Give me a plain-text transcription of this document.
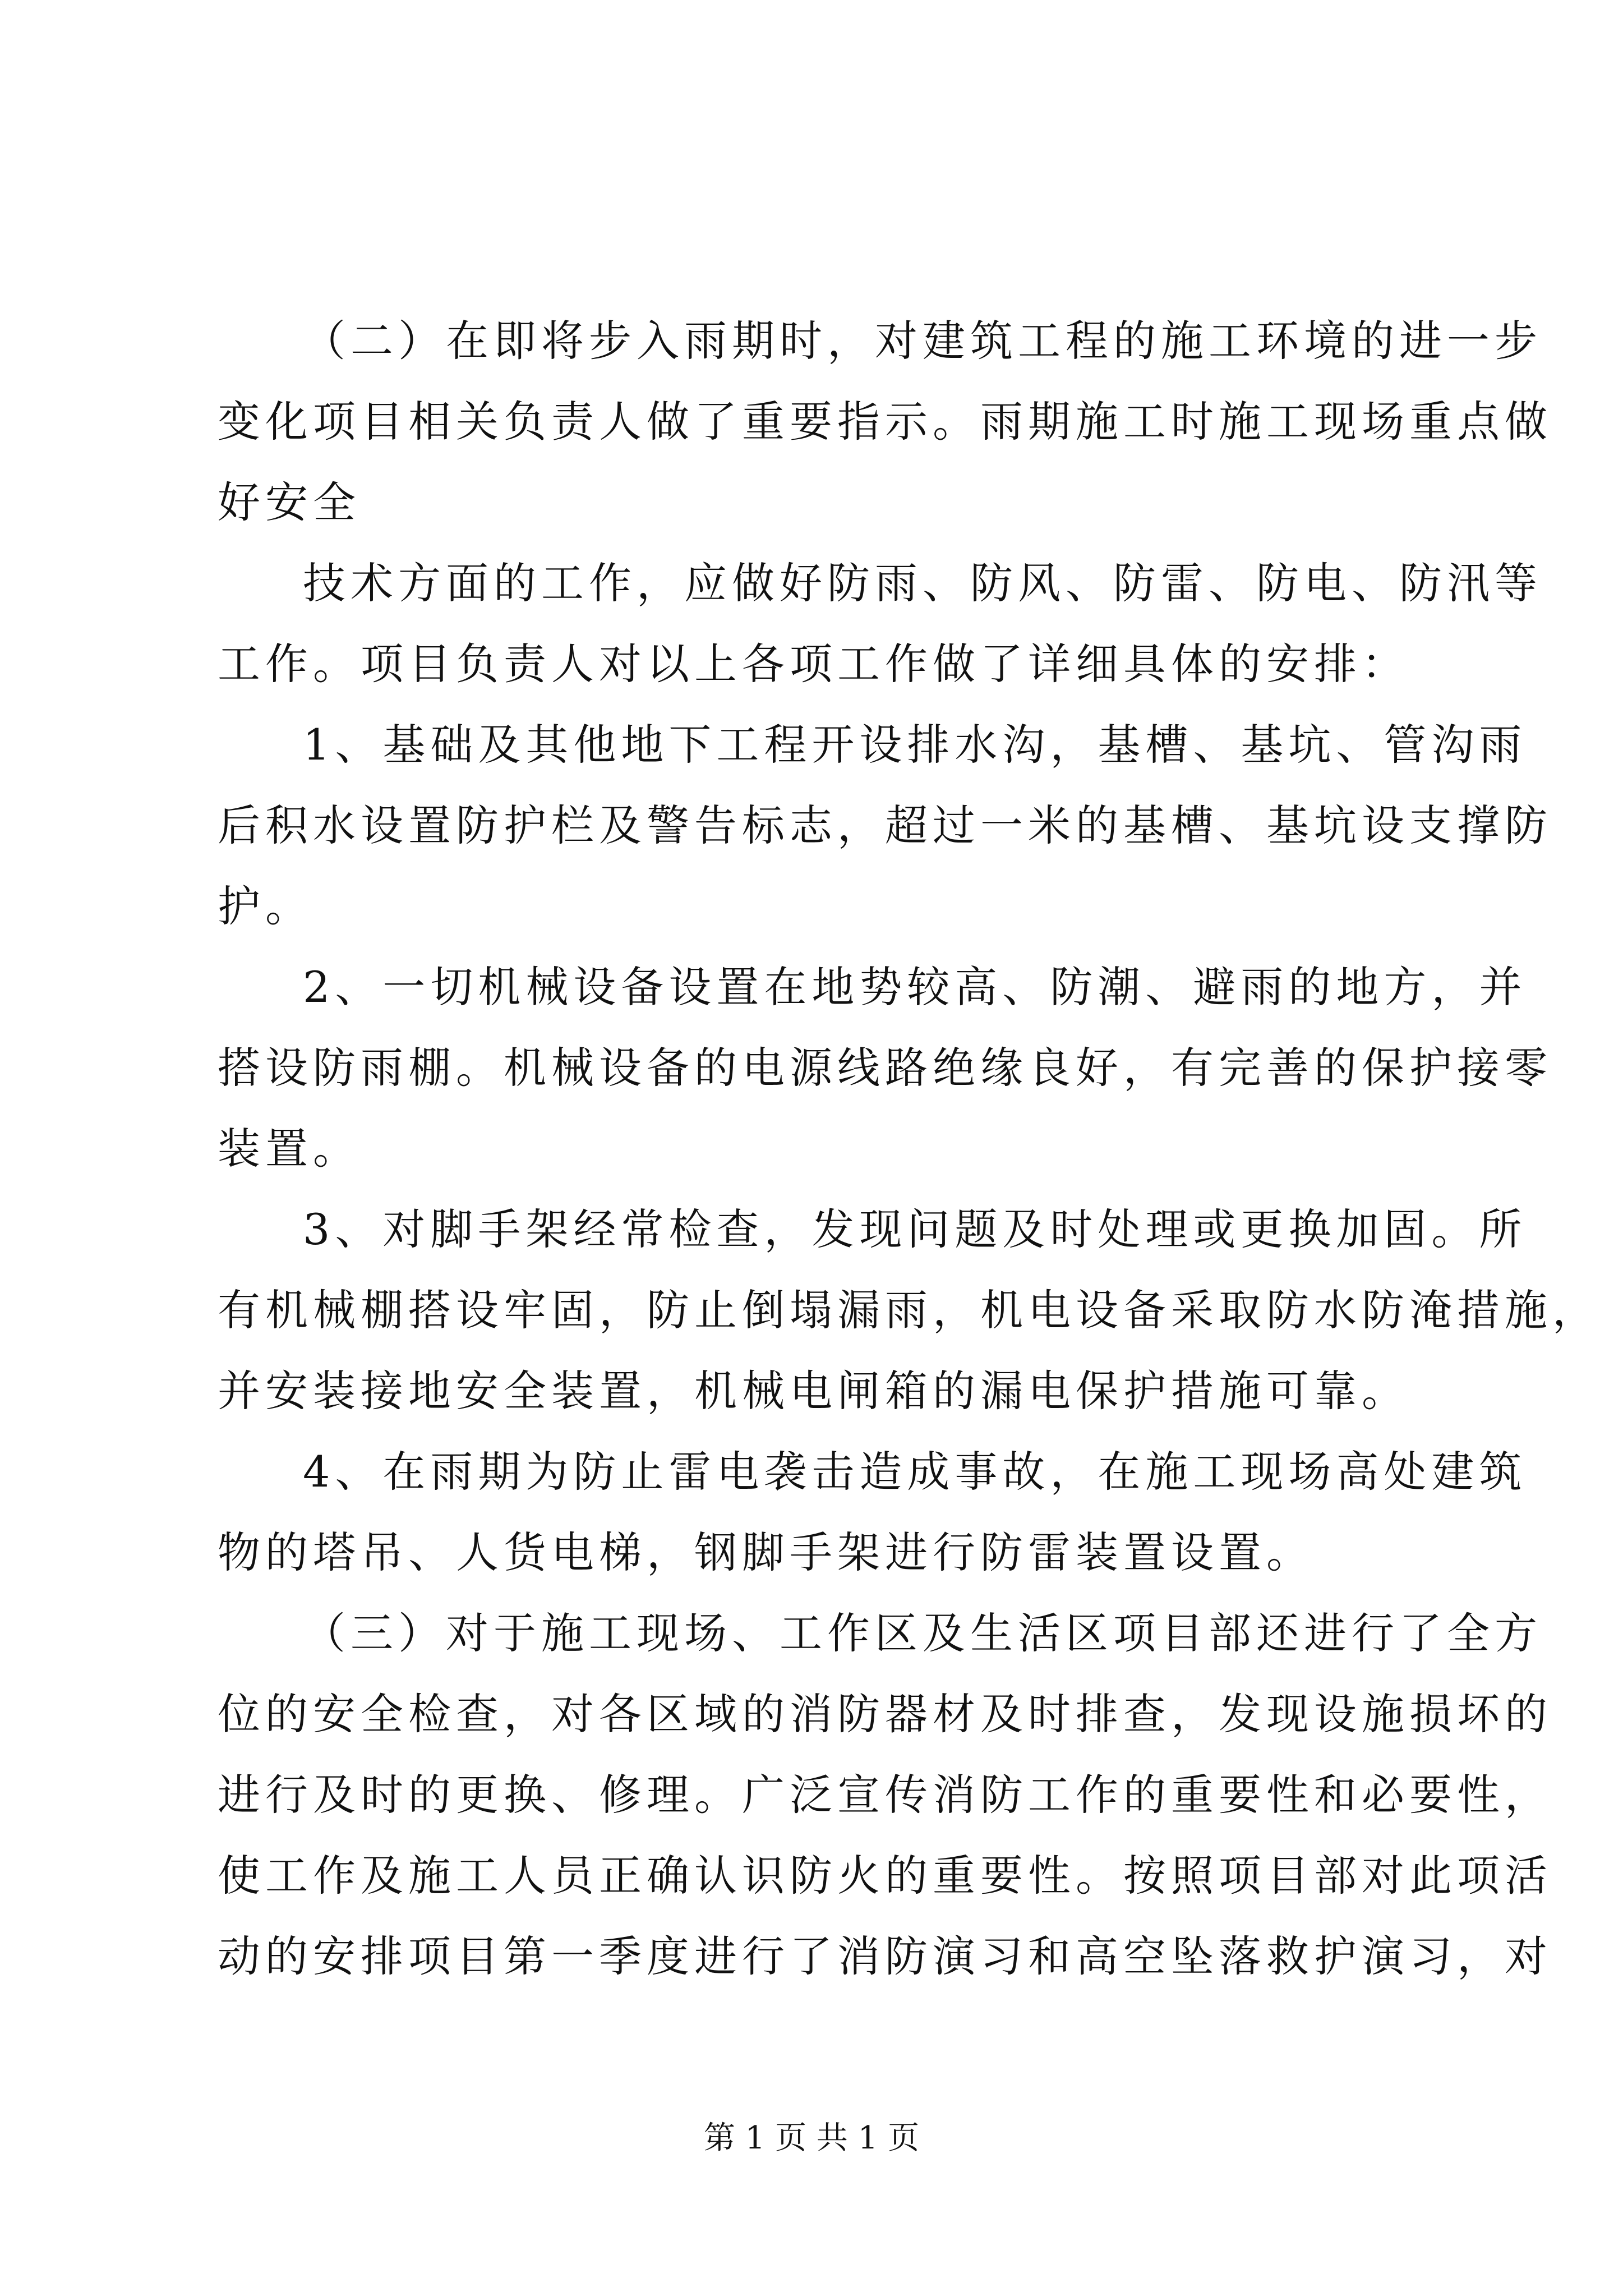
（二）在即将步入雨期时，对建筑工程的施工环境的进一步
变化项目相关负责人做了重要指示。雨期施工时施工现场重点做
好安全
技术方面的工作，应做好防雨、防风、防雷、防电、防汛等
工作。项目负责人对以上各项工作做了详细具体的安排：
1、基础及其他地下工程开设排水沟，基槽、基坑、管沟雨
后积水设置防护栏及警告标志，超过一米的基槽、基坑设支撑防
护。
2、一切机械设备设置在地势较高、防潮、避雨的地方，并
搭设防雨棚。机械设备的电源线路绝缘良好，有完善的保护接零
装置。
3、对脚手架经常检查，发现问题及时处理或更换加固。所
有机械棚搭设牢固，防止倒塌漏雨，机电设备采取防水防淹措施，
并安装接地安全装置，机械电闸箱的漏电保护措施可靠。
4、在雨期为防止雷电袭击造成事故，在施工现场高处建筑
物的塔吊、人货电梯，钢脚手架进行防雷装置设置。
（三）对于施工现场、工作区及生活区项目部还进行了全方
位的安全检查，对各区域的消防器材及时排查，发现设施损坏的
进行及时的更换、修理。广泛宣传消防工作的重要性和必要性，
使工作及施工人员正确认识防火的重要性。按照项目部对此项活
动的安排项目第一季度进行了消防演习和高空坠落救护演习，对
第 1 页 共 1 页
